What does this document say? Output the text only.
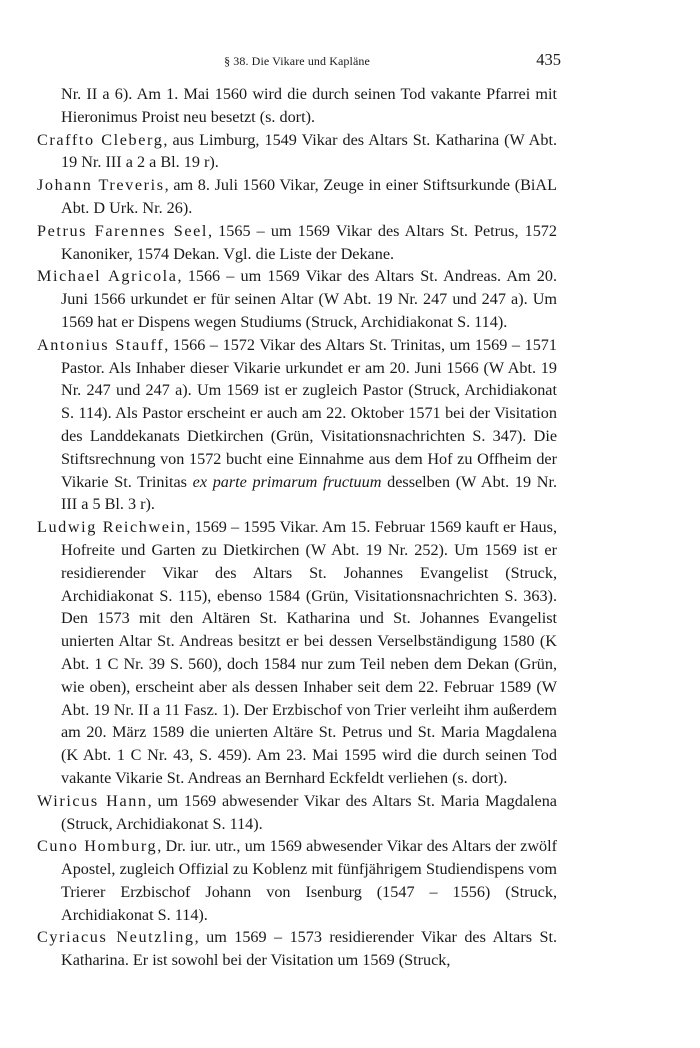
§ 38. Die Vikare und Kapläne	435

Nr. II a 6). Am 1. Mai 1560 wird die durch seinen Tod vakante Pfarrei mit Hieronimus Proist neu besetzt (s. dort).

Craffto Cleberg, aus Limburg, 1549 Vikar des Altars St. Katharina (W Abt. 19 Nr. III a 2 a Bl. 19 r).

Johann Treveris, am 8. Juli 1560 Vikar, Zeuge in einer Stiftsurkunde (BiAL Abt. D Urk. Nr. 26).

Petrus Farennes Seel, 1565 – um 1569 Vikar des Altars St. Petrus, 1572 Kanoniker, 1574 Dekan. Vgl. die Liste der Dekane.

Michael Agricola, 1566 – um 1569 Vikar des Altars St. Andreas. Am 20. Juni 1566 urkundet er für seinen Altar (W Abt. 19 Nr. 247 und 247 a). Um 1569 hat er Dispens wegen Studiums (Struck, Archidiakonat S. 114).

Antonius Stauff, 1566 – 1572 Vikar des Altars St. Trinitas, um 1569 – 1571 Pastor. Als Inhaber dieser Vikarie urkundet er am 20. Juni 1566 (W Abt. 19 Nr. 247 und 247 a). Um 1569 ist er zugleich Pastor (Struck, Archidiakonat S. 114). Als Pastor erscheint er auch am 22. Oktober 1571 bei der Visitation des Landdekanats Dietkirchen (Grün, Visitationsnachrichten S. 347). Die Stiftsrechnung von 1572 bucht eine Einnahme aus dem Hof zu Offheim der Vikarie St. Trinitas ex parte primarum fructuum desselben (W Abt. 19 Nr. III a 5 Bl. 3 r).

Ludwig Reichwein, 1569 – 1595 Vikar. Am 15. Februar 1569 kauft er Haus, Hofreite und Garten zu Dietkirchen (W Abt. 19 Nr. 252). Um 1569 ist er residierender Vikar des Altars St. Johannes Evangelist (Struck, Archidiakonat S. 115), ebenso 1584 (Grün, Visitationsnachrichten S. 363). Den 1573 mit den Altären St. Katharina und St. Johannes Evangelist unierten Altar St. Andreas besitzt er bei dessen Verselbständigung 1580 (K Abt. 1 C Nr. 39 S. 560), doch 1584 nur zum Teil neben dem Dekan (Grün, wie oben), erscheint aber als dessen Inhaber seit dem 22. Februar 1589 (W Abt. 19 Nr. II a 11 Fasz. 1). Der Erzbischof von Trier verleiht ihm außerdem am 20. März 1589 die unierten Altäre St. Petrus und St. Maria Magdalena (K Abt. 1 C Nr. 43, S. 459). Am 23. Mai 1595 wird die durch seinen Tod vakante Vikarie St. Andreas an Bernhard Eckfeldt verliehen (s. dort).

Wiricus Hann, um 1569 abwesender Vikar des Altars St. Maria Magdalena (Struck, Archidiakonat S. 114).

Cuno Homburg, Dr. iur. utr., um 1569 abwesender Vikar des Altars der zwölf Apostel, zugleich Offizial zu Koblenz mit fünfjährigem Studiendispens vom Trierer Erzbischof Johann von Isenburg (1547 – 1556) (Struck, Archidiakonat S. 114).

Cyriacus Neutzling, um 1569 – 1573 residierender Vikar des Altars St. Katharina. Er ist sowohl bei der Visitation um 1569 (Struck,
